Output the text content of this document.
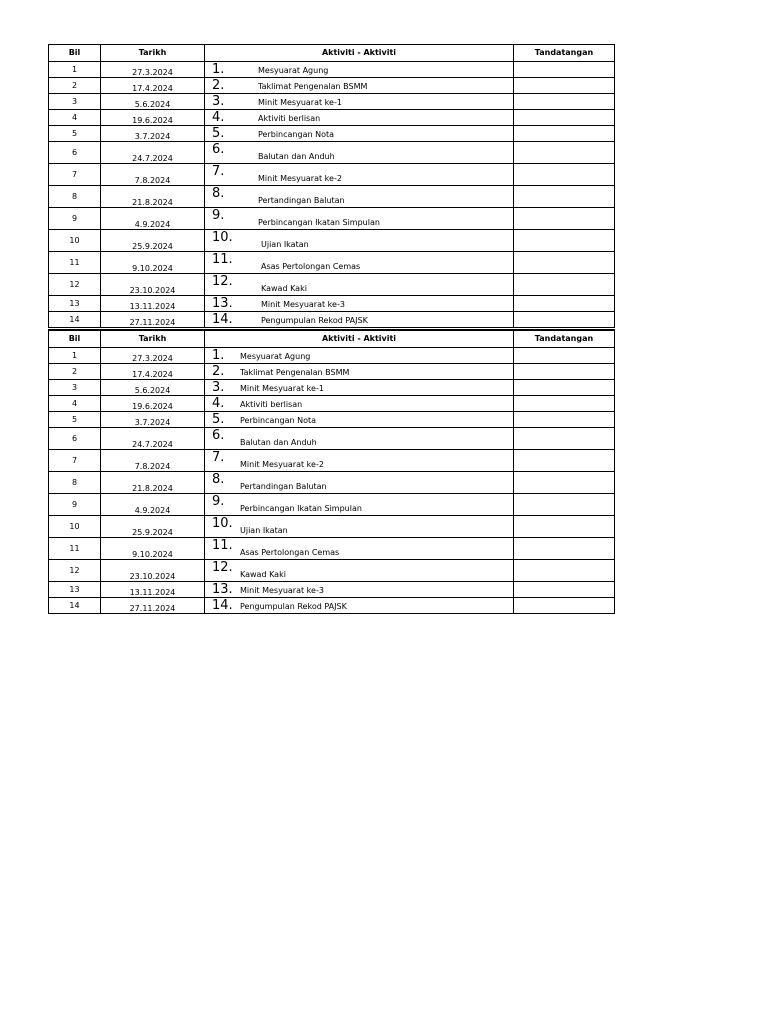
Bil	Tarikh	Aktiviti - Aktiviti	Tandatangan
1	27.3.2024	1. Mesyuarat Agung	

2	17.4.2024	2. Taklimat Pengenalan BSMM	

3	5.6.2024	3. Minit Mesyuarat ke-1	

4	19.6.2024	4. Aktiviti berlisan	

5	3.7.2024	5. Perbincangan Nota	

6	24.7.2024	6. Balutan dan Anduh	

7	7.8.2024	7. Minit Mesyuarat ke-2	

8	21.8.2024	8. Pertandingan Balutan	

9	4.9.2024	9. Perbincangan Ikatan Simpulan	

10	25.9.2024	10. Ujian Ikatan	

11	9.10.2024	11. Asas Pertolongan Cemas	

12	23.10.2024	12. Kawad Kaki	

13	13.11.2024	13. Minit Mesyuarat ke-3	

14	27.11.2024	14. Pengumpulan Rekod PAJSK	

Bil	Tarikh	Aktiviti - Aktiviti	Tandatangan
1	27.3.2024	1. Mesyuarat Agung	

2	17.4.2024	2. Taklimat Pengenalan BSMM	

3	5.6.2024	3. Minit Mesyuarat ke-1	

4	19.6.2024	4. Aktiviti berlisan	

5	3.7.2024	5. Perbincangan Nota	

6	24.7.2024	6. Balutan dan Anduh	

7	7.8.2024	7. Minit Mesyuarat ke-2	

8	21.8.2024	8. Pertandingan Balutan	

9	4.9.2024	9. Perbincangan Ikatan Simpulan	

10	25.9.2024	10. Ujian Ikatan	

11	9.10.2024	11. Asas Pertolongan Cemas	

12	23.10.2024	12. Kawad Kaki	

13	13.11.2024	13. Minit Mesyuarat ke-3	

14	27.11.2024	14. Pengumpulan Rekod PAJSK	
